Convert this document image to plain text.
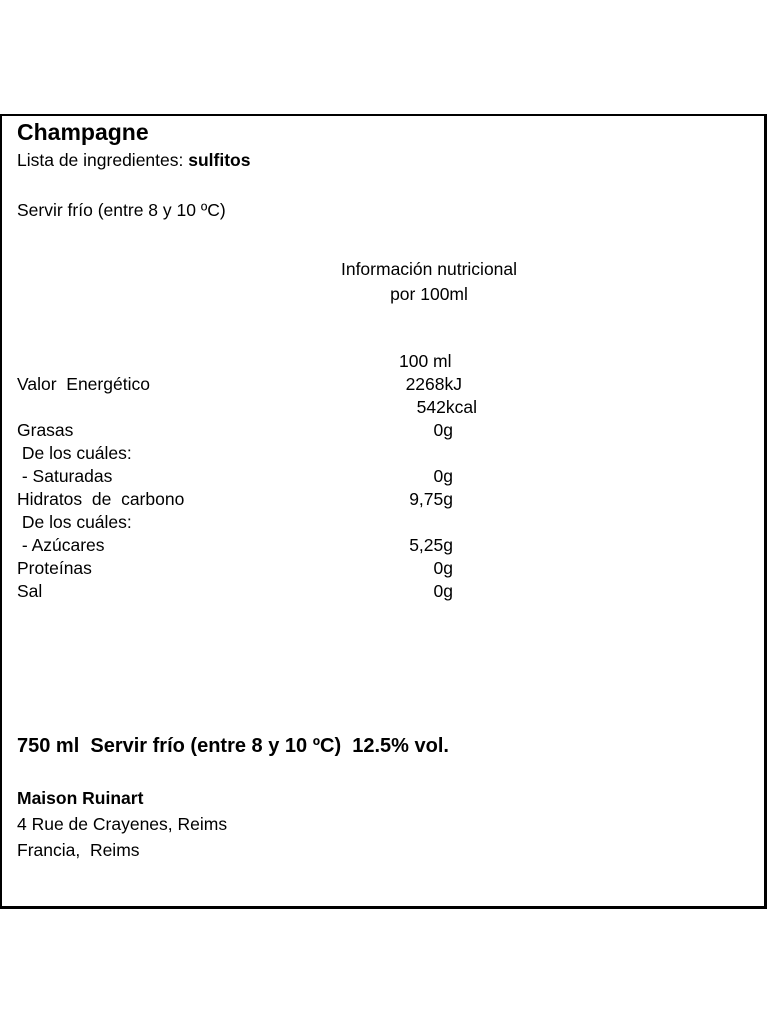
Champagne
Lista de ingredientes: sulfitos
Servir frío (entre 8 y 10 ºC)
Información nutricional
por 100ml
100 ml
Valor  Energético	2268kJ
542kcal
Grasas	0g
De los cuáles:
- Saturadas	0g
Hidratos  de  carbono	9,75g
De los cuáles:
- Azúcares	5,25g
Proteínas	0g
Sal	0g
750 ml  Servir frío (entre 8 y 10 ºC)  12.5% vol.
Maison Ruinart
4 Rue de Crayenes, Reims
Francia,  Reims
